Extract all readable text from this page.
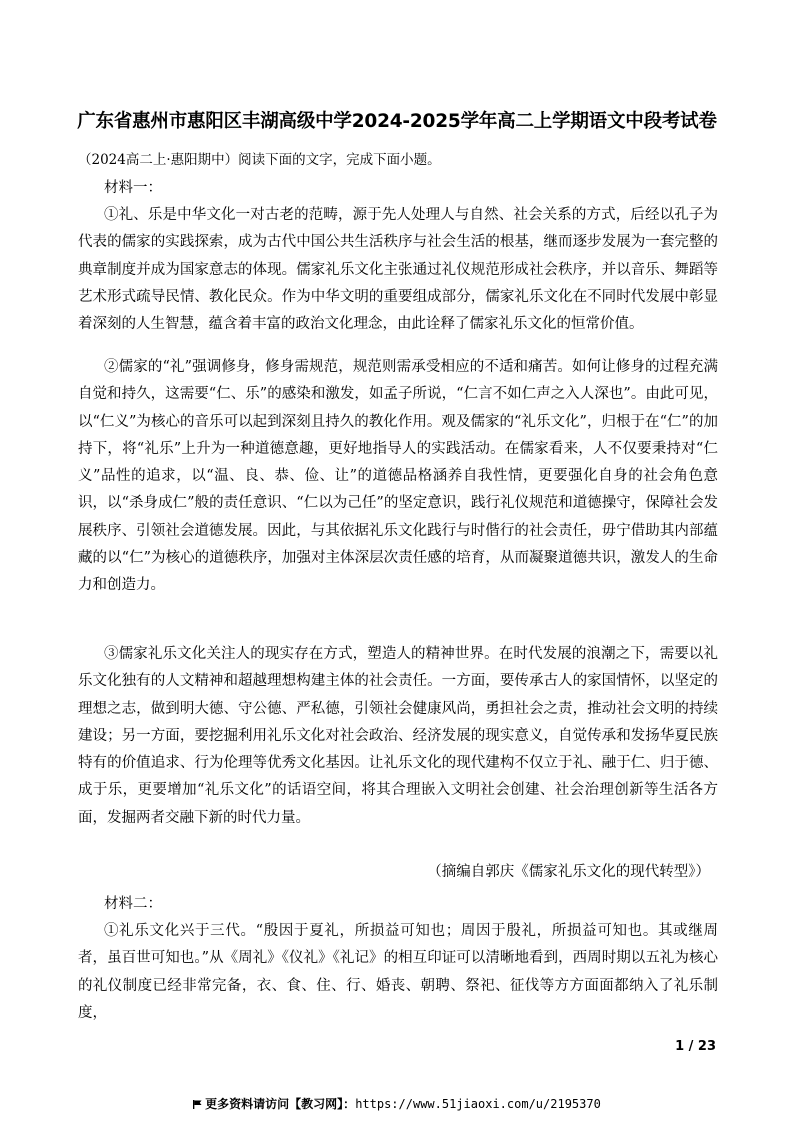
广东省惠州市惠阳区丰湖高级中学2024-2025学年高二上学期语文中段考试卷
（2024高二上·惠阳期中）阅读下面的文字，完成下面小题。
材料一：

①礼、乐是中华文化一对古老的范畴，源于先人处理人与自然、社会关系的方式，后经以孔子为代表的儒家的实践探索，成为古代中国公共生活秩序与社会生活的根基，继而逐步发展为一套完整的典章制度并成为国家意志的体现。儒家礼乐文化主张通过礼仪规范形成社会秩序，并以音乐、舞蹈等艺术形式疏导民情、教化民众。作为中华文明的重要组成部分，儒家礼乐文化在不同时代发展中彰显着深刻的人生智慧，蕴含着丰富的政治文化理念，由此诠释了儒家礼乐文化的恒常价值。

②儒家的“礼”强调修身，修身需规范，规范则需承受相应的不适和痛苦。如何让修身的过程充满自觉和持久，这需要“仁、乐”的感染和激发，如孟子所说，“仁言不如仁声之入人深也”。由此可见，以“仁义”为核心的音乐可以起到深刻且持久的教化作用。观及儒家的“礼乐文化”，归根于在“仁”的加持下，将“礼乐”上升为一种道德意趣，更好地指导人的实践活动。在儒家看来，人不仅要秉持对“仁义”品性的追求，以“温、良、恭、俭、让”的道德品格涵养自我性情，更要强化自身的社会角色意识，以“杀身成仁”般的责任意识、“仁以为己任”的坚定意识，践行礼仪规范和道德操守，保障社会发展秩序、引领社会道德发展。因此，与其依据礼乐文化践行与时偕行的社会责任，毋宁借助其内部蕴藏的以“仁”为核心的道德秩序，加强对主体深层次责任感的培育，从而凝聚道德共识，激发人的生命力和创造力。

③儒家礼乐文化关注人的现实存在方式，塑造人的精神世界。在时代发展的浪潮之下，需要以礼乐文化独有的人文精神和超越理想构建主体的社会责任。一方面，要传承古人的家国情怀，以坚定的理想之志，做到明大德、守公德、严私德，引领社会健康风尚，勇担社会之责，推动社会文明的持续建设；另一方面，要挖掘利用礼乐文化对社会政治、经济发展的现实意义，自觉传承和发扬华夏民族特有的价值追求、行为伦理等优秀文化基因。让礼乐文化的现代建构不仅立于礼、融于仁、归于德、成于乐，更要增加“礼乐文化”的话语空间，将其合理嵌入文明社会创建、社会治理创新等生活各方面，发掘两者交融下新的时代力量。

（摘编自郭庆《儒家礼乐文化的现代转型》）
材料二：

①礼乐文化兴于三代。“殷因于夏礼，所损益可知也；周因于殷礼，所损益可知也。其或继周者，虽百世可知也。”从《周礼》《仪礼》《礼记》的相互印证可以清晰地看到，西周时期以五礼为核心的礼仪制度已经非常完备，衣、食、住、行、婚丧、朝聘、祭祀、征伐等方方面面都纳入了礼乐制度，

1 / 23
更多资料请访问【教习网】：https://www.51jiaoxi.com/u/2195370
